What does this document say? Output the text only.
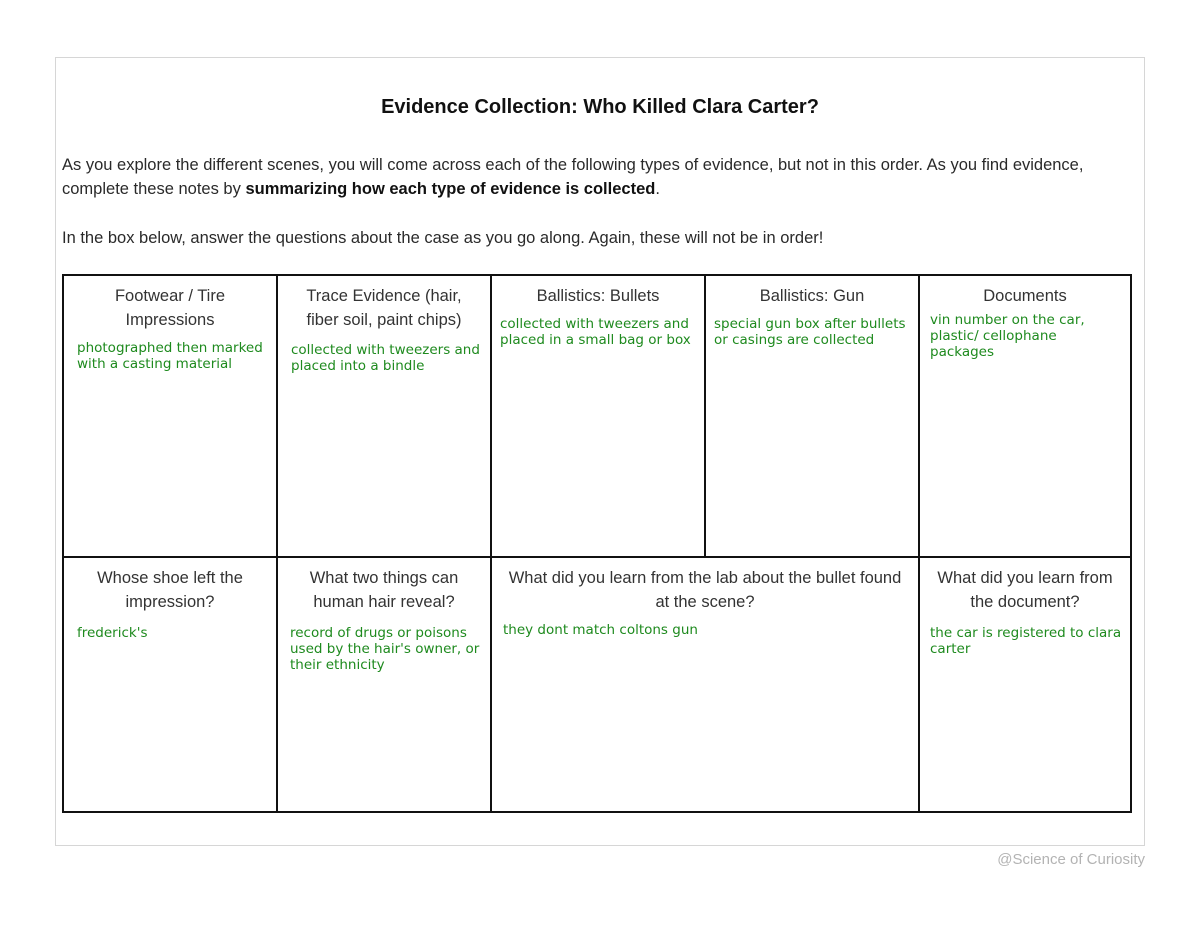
Evidence Collection: Who Killed Clara Carter?

As you explore the different scenes, you will come across each of the following types of evidence, but not in this order. As you find evidence, complete these notes by summarizing how each type of evidence is collected.

In the box below, answer the questions about the case as you go along. Again, these will not be in order!

Footwear / Tire Impressions
photographed then marked with a casting material
Trace Evidence (hair, fiber soil, paint chips)
collected with tweezers and placed into a bindle
Ballistics: Bullets
collected with tweezers and placed in a small bag or box
Ballistics: Gun
special gun box after bullets or casings are collected
Documents
vin number on the car, plastic/ cellophane packages
Whose shoe left the impression?
frederick's
What two things can human hair reveal?
record of drugs or poisons used by the hair's owner, or their ethnicity
What did you learn from the lab about the bullet found at the scene?
they dont match coltons gun
What did you learn from the document?
the car is registered to clara carter
@Science of Curiosity
